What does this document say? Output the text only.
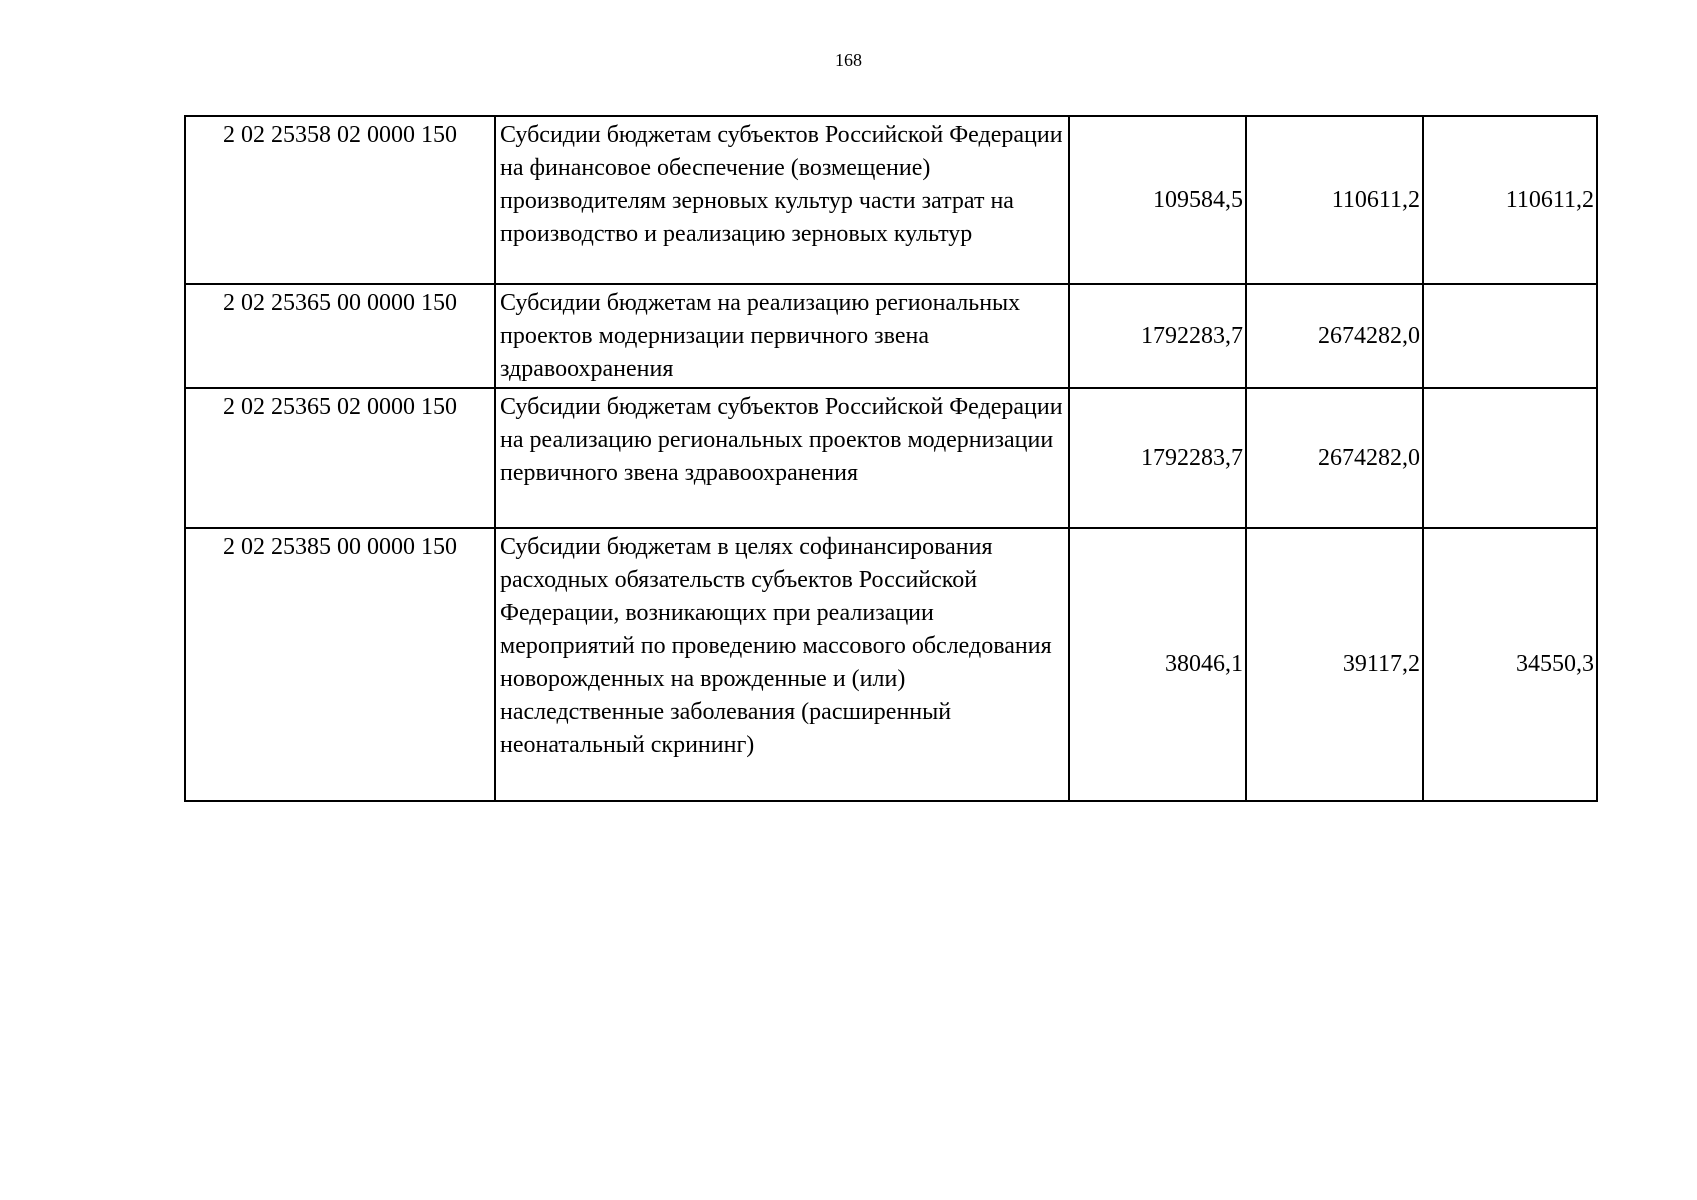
168
2 02 25358 02 0000 150	Субсидии бюджетам субъектов Российской Федерации на финансовое обеспечение (возмещение) производителям зерновых культур части затрат на производство и реализацию зерновых культур	109584,5	110611,2	110611,2
2 02 25365 00 0000 150	Субсидии бюджетам на реализацию региональных проектов модернизации первичного звена здравоохранения	1792283,7	2674282,0	
2 02 25365 02 0000 150	Субсидии бюджетам субъектов Российской Федерации на реализацию региональных проектов модернизации первичного звена здравоохранения	1792283,7	2674282,0	
2 02 25385 00 0000 150	Субсидии бюджетам в целях софинансирования расходных обязательств субъектов Российской Федерации, возникающих при реализации мероприятий по проведению массового обследования новорожденных на врожденные и (или) наследственные заболевания (расширенный неонатальный скрининг)	38046,1	39117,2	34550,3
